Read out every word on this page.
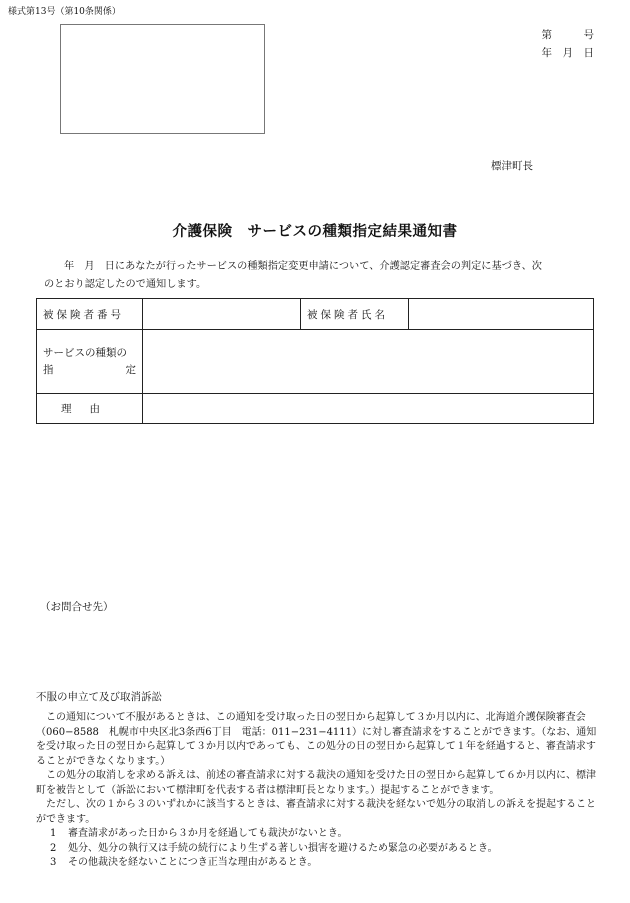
様式第13号（第10条関係）
第　　　号
年　月　日
標津町長
介護保険　サービスの種類指定結果通知書

年　月　日にあなたが行ったサービスの種類指定変更申請について、介護認定審査会の判定に基づき、次

のとおり認定したので通知します。

被保険者番号		被保険者氏名	

サービスの種類の
指 定			

理由			
（お問合せ先）
不服の申立て及び取消訴訟

この通知について不服があるときは、この通知を受け取った日の翌日から起算して３か月以内に、北海道介護保険審査会（060−8588　札幌市中央区北3条西6丁目　電話：011−231−4111）に対し審査請求をすることができます。（なお、通知を受け取った日の翌日から起算して３か月以内であっても、この処分の日の翌日から起算して１年を経過すると、審査請求することができなくなります。）

この処分の取消しを求める訴えは、前述の審査請求に対する裁決の通知を受けた日の翌日から起算して６か月以内に、標津町を被告として（訴訟において標津町を代表する者は標津町長となります。）提起することができます。

ただし、次の１から３のいずれかに該当するときは、審査請求に対する裁決を経ないで処分の取消しの訴えを提起することができます。

1 審査請求があった日から３か月を経過しても裁決がないとき。

2 処分、処分の執行又は手続の続行により生ずる著しい損害を避けるため緊急の必要があるとき。

3 その他裁決を経ないことにつき正当な理由があるとき。
